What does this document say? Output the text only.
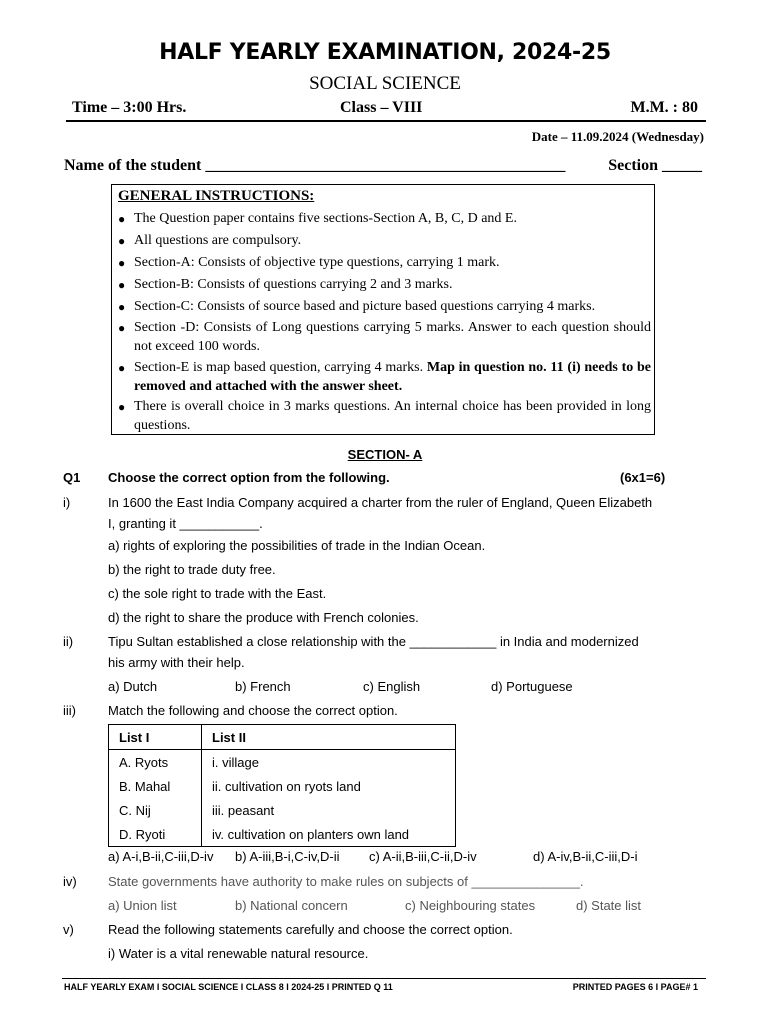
HALF YEARLY EXAMINATION, 2024-25
SOCIAL SCIENCE
Time – 3:00 Hrs.	Class – VIII	M.M. : 80
Date – 11.09.2024 (Wednesday)
Name of the student _____________________________________________	Section _____
GENERAL INSTRUCTIONS:
● The Question paper contains five sections-Section A, B, C, D and E.
● All questions are compulsory.
● Section-A: Consists of objective type questions, carrying 1 mark.
● Section-B: Consists of questions carrying 2 and 3 marks.
● Section-C: Consists of source based and picture based questions carrying 4 marks.
● Section -D: Consists of Long questions carrying 5 marks. Answer to each question should not exceed 100 words.
● Section-E is map based question, carrying 4 marks. Map in question no. 11 (i) needs to be removed and attached with the answer sheet.
● There is overall choice in 3 marks questions. An internal choice has been provided in long questions.
SECTION- A
Q1 Choose the correct option from the following.	(6x1=6)
i)	In 1600 the East India Company acquired a charter from the ruler of England, Queen Elizabeth
I, granting it ___________.
a) rights of exploring the possibilities of trade in the Indian Ocean.
b) the right to trade duty free.
c) the sole right to trade with the East.
d) the right to share the produce with French colonies.
ii)	Tipu Sultan established a close relationship with the ____________ in India and modernized
his army with their help.
a) Dutch	b) French	c) English	d) Portuguese
iii) Match the following and choose the correct option.
List I	List II
A. Ryots	i. village
B. Mahal	ii. cultivation on ryots land
C. Nij	iii. peasant
D. Ryoti	iv. cultivation on planters own land
a) A-i,B-ii,C-iii,D-iv b) A-iii,B-i,C-iv,D-ii c) A-ii,B-iii,C-ii,D-iv	d) A-iv,B-ii,C-iii,D-i
iv) State governments have authority to make rules on subjects of _______________.
a) Union list	b) National concern	c) Neighbouring states	d) State list
v)	Read the following statements carefully and choose the correct option.
i) Water is a vital renewable natural resource.
HALF YEARLY EXAM I SOCIAL SCIENCE I CLASS 8 I 2024-25 I PRINTED Q 11	PRINTED PAGES 6 I PAGE# 1
